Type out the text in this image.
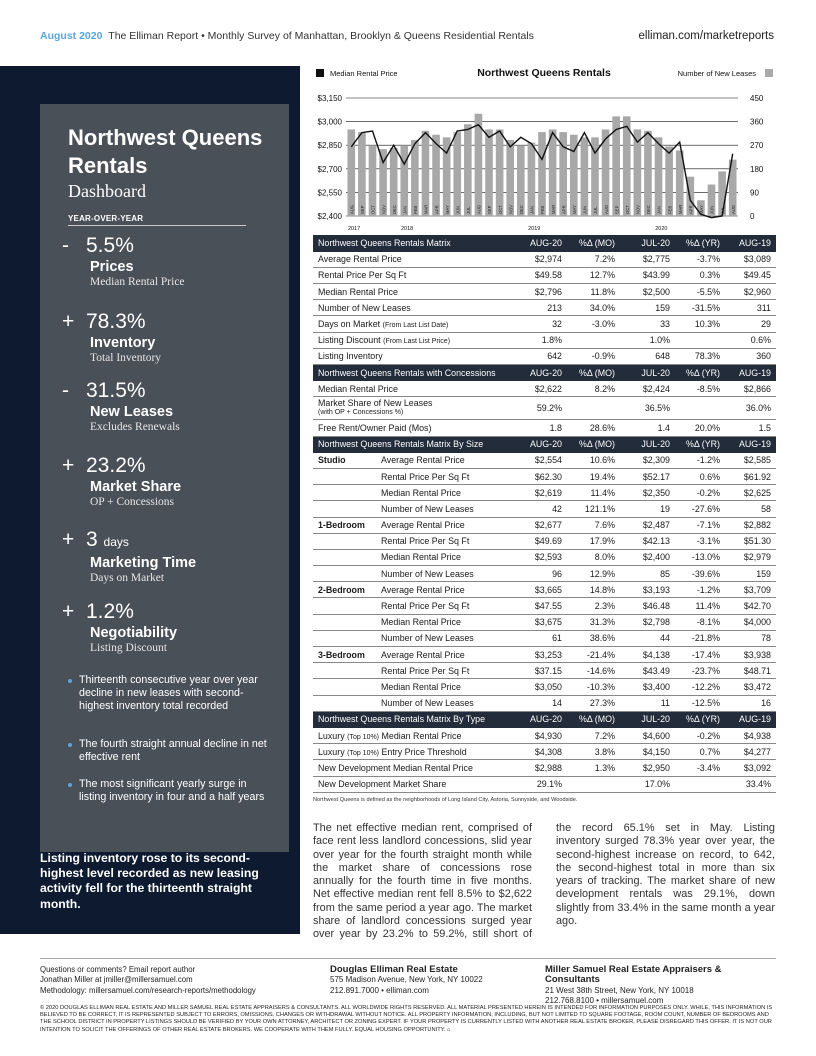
August 2020 The Elliman Report • Monthly Survey of Manhattan, Brooklyn & Queens Residential Rentals	elliman.com/marketreports
Northwest Queens Rentals
Dashboard
YEAR-OVER-YEAR
- 5.5%
Prices
Median Rental Price
+ 78.3%
Inventory
Total Inventory
- 31.5%
New Leases
Excludes Renewals
+ 23.2%
Market Share
OP + Concessions
+ 3 days
Marketing Time
Days on Market
+ 1.2%
Negotiability
Listing Discount
Thirteenth consecutive year over year decline in new leases with second-highest inventory total recorded
The fourth straight annual decline in net effective rent
The most significant yearly surge in listing inventory in four and a half years
Listing inventory rose to its second-highest level recorded as new leasing activity fell for the thirteenth straight month.
Median Rental Price	Northwest Queens Rentals	Number of New Leases
$3,150	450
$3,000	360
$2,850	270
$2,700	180
$2,550	90
$2,400	0
AUG SEP OCT NOV DEC JAN FEB MAR APR MAY JUN JUL AUG SEP OCT NOV DEC JAN FEB MAR APR MAY JUN JUL AUG SEP OCT NOV DEC JAN FEB MAR APR MAY JUN JUL AUG
2017	2018	2019	2020
Northwest Queens Rentals Matrix		AUG-20	%Δ (MO)	JUL-20	%Δ (YR)	AUG-19
Average Rental Price		$2,974	7.2%	$2,775	-3.7%	$3,089
Rental Price Per Sq Ft		$49.58	12.7%	$43.99	0.3%	$49.45
Median Rental Price		$2,796	11.8%	$2,500	-5.5%	$2,960
Number of New Leases		213	34.0%	159	-31.5%	311
Days on Market (From Last List Date)		32	-3.0%	33	10.3%	29
Listing Discount (From Last List Price)		1.8%		1.0%		0.6%
Listing Inventory		642	-0.9%	648	78.3%	360
Northwest Queens Rentals with Concessions		AUG-20	%Δ (MO)	JUL-20	%Δ (YR)	AUG-19
Median Rental Price		$2,622	8.2%	$2,424	-8.5%	$2,866

Market Share of New Leases
(with OP + Concessions %)		59.2%		36.5%		36.0%
Free Rent/Owner Paid (Mos)		1.8	28.6%	1.4	20.0%	1.5
Northwest Queens Rentals Matrix By Size		AUG-20	%Δ (MO)	JUL-20	%Δ (YR)	AUG-19
Studio	Average Rental Price	$2,554	10.6%	$2,309	-1.2%	$2,585
	Rental Price Per Sq Ft	$62.30	19.4%	$52.17	0.6%	$61.92
	Median Rental Price	$2,619	11.4%	$2,350	-0.2%	$2,625
	Number of New Leases	42	121.1%	19	-27.6%	58
1-Bedroom	Average Rental Price	$2,677	7.6%	$2,487	-7.1%	$2,882
	Rental Price Per Sq Ft	$49.69	17.9%	$42.13	-3.1%	$51.30
	Median Rental Price	$2,593	8.0%	$2,400	-13.0%	$2,979
	Number of New Leases	96	12.9%	85	-39.6%	159
2-Bedroom	Average Rental Price	$3,665	14.8%	$3,193	-1.2%	$3,709
	Rental Price Per Sq Ft	$47.55	2.3%	$46.48	11.4%	$42.70
	Median Rental Price	$3,675	31.3%	$2,798	-8.1%	$4,000
	Number of New Leases	61	38.6%	44	-21.8%	78
3-Bedroom	Average Rental Price	$3,253	-21.4%	$4,138	-17.4%	$3,938
	Rental Price Per Sq Ft	$37.15	-14.6%	$43.49	-23.7%	$48.71
	Median Rental Price	$3,050	-10.3%	$3,400	-12.2%	$3,472
	Number of New Leases	14	27.3%	11	-12.5%	16
Northwest Queens Rentals Matrix By Type		AUG-20	%Δ (MO)	JUL-20	%Δ (YR)	AUG-19
Luxury (Top 10%) Median Rental Price		$4,930	7.2%	$4,600	-0.2%	$4,938
Luxury (Top 10%) Entry Price Threshold		$4,308	3.8%	$4,150	0.7%	$4,277
New Development Median Rental Price		$2,988	1.3%	$2,950	-3.4%	$3,092
New Development Market Share		29.1%		17.0%		33.4%
Northwest Queens is defined as the neighborhoods of Long Island City, Astoria, Sunnyside, and Woodside.
The net effective median rent, comprised of face rent less landlord concessions, slid year over year for the fourth straight month while the market share of concessions rose annually for the fourth time in five months. Net effective median rent fell 8.5% to $2,622 from the same period a year ago. The market share of landlord concessions surged year over year by 23.2% to 59.2%, still short of the record 65.1% set in May. Listing inventory surged 78.3% year over year, the second-highest increase on record, to 642, the second-highest total in more than six years of tracking. The market share of new development rentals was 29.1%, down slightly from 33.4% in the same month a year ago.
Questions or comments? Email report author
Jonathan Miller at jmiller@millersamuel.com
Methodology: millersamuel.com/research-reports/methodology
Douglas Elliman Real Estate
575 Madison Avenue, New York, NY 10022
212.891.7000 • elliman.com
Miller Samuel Real Estate Appraisers & Consultants
21 West 38th Street, New York, NY 10018
212.768.8100 • millersamuel.com
© 2020 DOUGLAS ELLIMAN REAL ESTATE AND MILLER SAMUEL REAL ESTATE APPRAISERS & CONSULTANTS. ALL WORLDWIDE RIGHTS RESERVED. ALL MATERIAL PRESENTED HEREIN IS INTENDED FOR INFORMATION PURPOSES ONLY. WHILE, THIS INFORMATION IS BELIEVED TO BE CORRECT, IT IS REPRESENTED SUBJECT TO ERRORS, OMISSIONS, CHANGES OR WITHDRAWAL WITHOUT NOTICE. ALL PROPERTY INFORMATION, INCLUDING, BUT NOT LIMITED TO SQUARE FOOTAGE, ROOM COUNT, NUMBER OF BEDROOMS AND THE SCHOOL DISTRICT IN PROPERTY LISTINGS SHOULD BE VERIFIED BY YOUR OWN ATTORNEY, ARCHITECT OR ZONING EXPERT. IF YOUR PROPERTY IS CURRENTLY LISTED WITH ANOTHER REAL ESTATE BROKER, PLEASE DISREGARD THIS OFFER. IT IS NOT OUR INTENTION TO SOLICIT THE OFFERINGS OF OTHER REAL ESTATE BROKERS. WE COOPERATE WITH THEM FULLY. EQUAL HOUSING OPPORTUNITY. ⌂
